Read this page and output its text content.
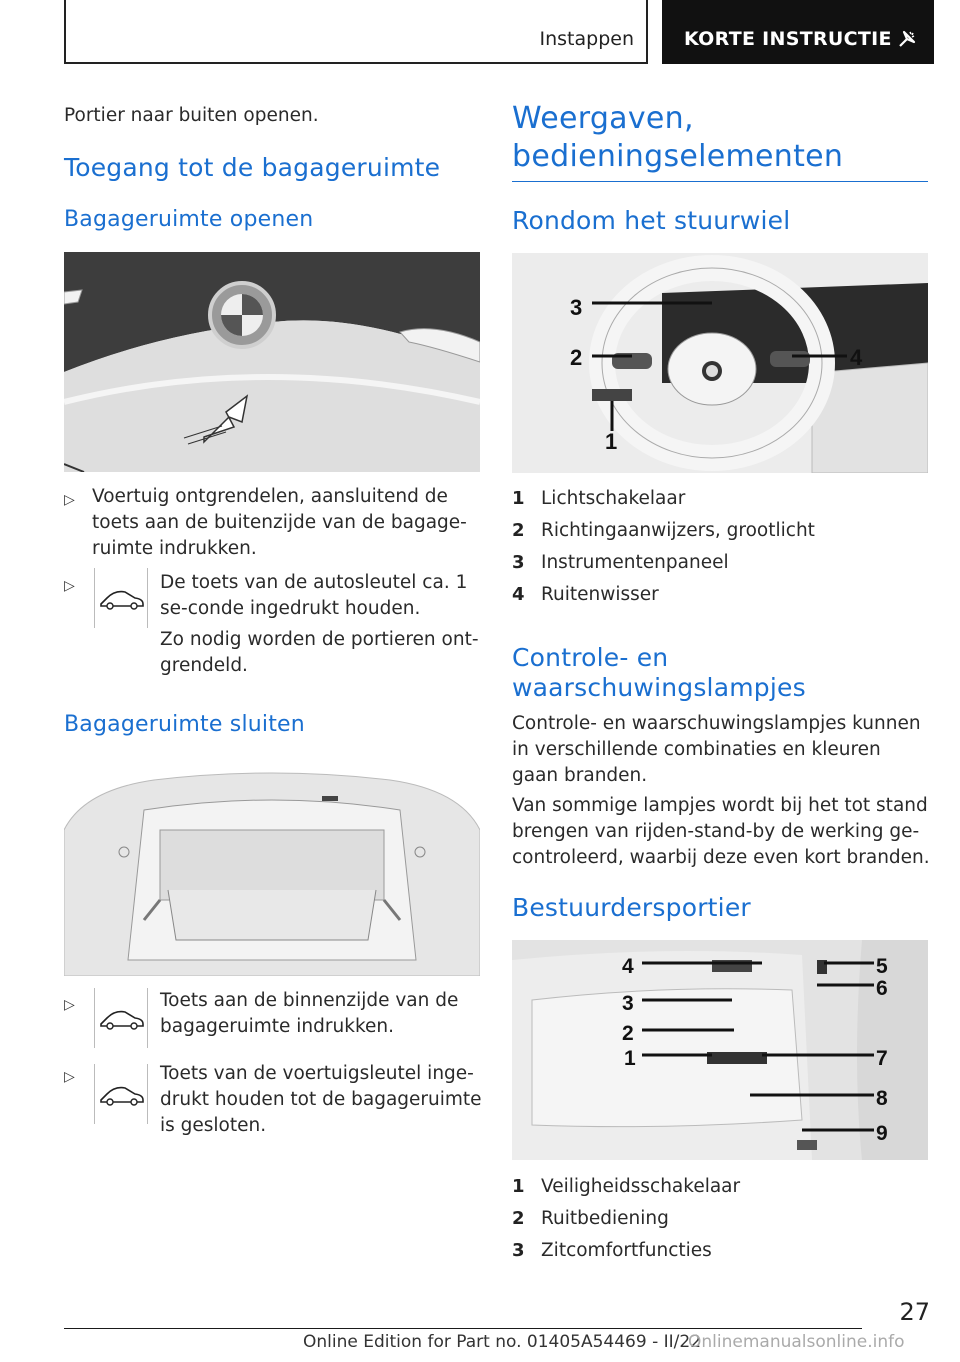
Instappen	KORTE INSTRUCTIE
Portier naar buiten openen.
Toegang tot de bagageruimte
Bagageruimte openen
▷ Voertuig ontgrendelen, aansluitend de toets aan de buitenzijde van de bagage-ruimte indrukken.
▷	De toets van de autosleutel ca. 1 se-conde ingedrukt houden.
Zo nodig worden de portieren ont-grendeld.
Bagageruimte sluiten
▷	Toets aan de binnenzijde van de bagageruimte indrukken.
▷	Toets van de voertuigsleutel inge-drukt houden tot de bagageruimte is gesloten.
Weergaven, bedieningselementen
Rondom het stuurwiel
3
2	4
1
1 Lichtschakelaar
2 Richtingaanwijzers, grootlicht
3 Instrumentenpaneel
4 Ruitenwisser
Controle- en waarschuwingslampjes
Controle- en waarschuwingslampjes kunnen in verschillende combinaties en kleuren gaan branden.
Van sommige lampjes wordt bij het tot stand brengen van rijden-stand-by de werking ge-controleerd, waarbij deze even kort branden.
Bestuurdersportier
4
3
2
1
5
6
7
8
9
1 Veiligheidsschakelaar
2 Ruitbediening
3 Zitcomfortfuncties
27
Online Edition for Part no. 01405A54469 - II/22
Onlinemanualsonline.info
